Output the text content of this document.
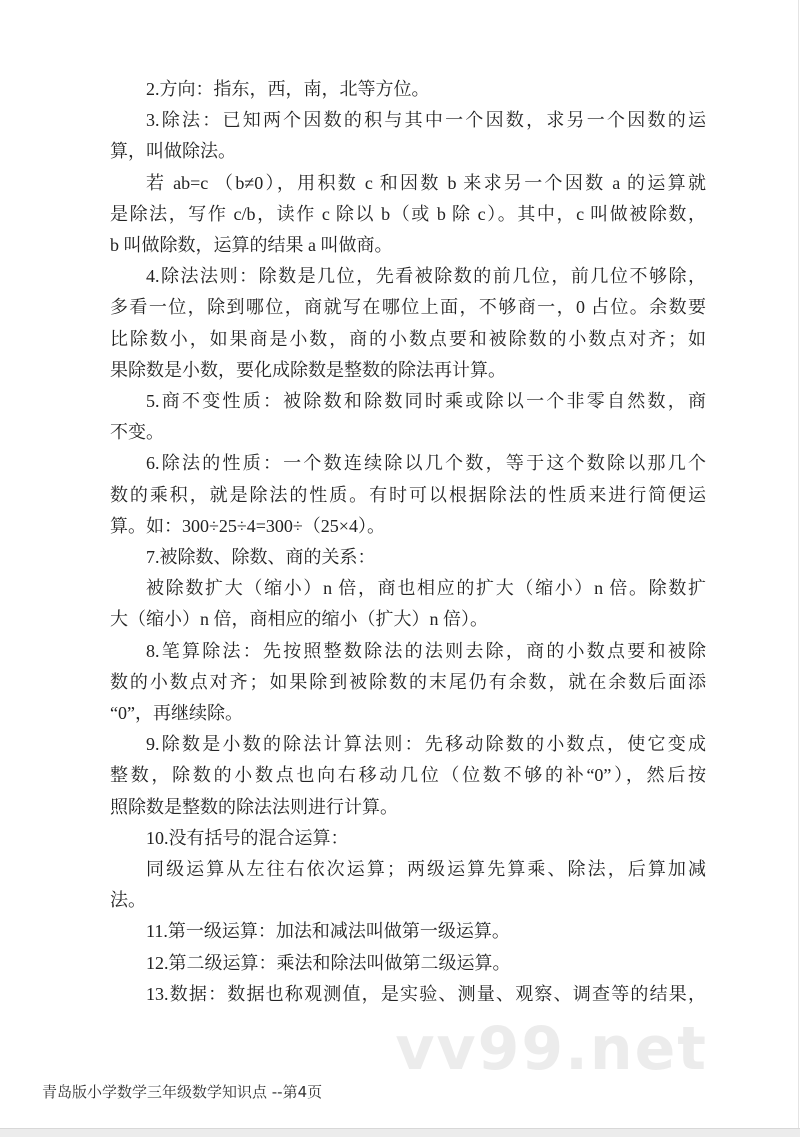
2.方向：指东，西，南，北等方位。
3.除法：已知两个因数的积与其中一个因数，求另一个因数的运
算，叫做除法。
若 ab=c （b≠0），用积数 c 和因数 b 来求另一个因数 a 的运算就
是除法，写作 c/b，读作 c 除以 b（或 b 除 c）。其中，c 叫做被除数，
b 叫做除数，运算的结果 a 叫做商。
4.除法法则：除数是几位，先看被除数的前几位，前几位不够除，
多看一位，除到哪位，商就写在哪位上面，不够商一，0 占位。余数要
比除数小，如果商是小数，商的小数点要和被除数的小数点对齐；如
果除数是小数，要化成除数是整数的除法再计算。
5.商不变性质：被除数和除数同时乘或除以一个非零自然数，商
不变。
6.除法的性质：一个数连续除以几个数，等于这个数除以那几个
数的乘积，就是除法的性质。有时可以根据除法的性质来进行简便运
算。如：300÷25÷4=300÷（25×4）。
7.被除数、除数、商的关系：
被除数扩大（缩小）n 倍，商也相应的扩大（缩小）n 倍。除数扩
大（缩小）n 倍，商相应的缩小（扩大）n 倍）。
8.笔算除法：先按照整数除法的法则去除，商的小数点要和被除
数的小数点对齐；如果除到被除数的末尾仍有余数，就在余数后面添
“0”，再继续除。
9.除数是小数的除法计算法则：先移动除数的小数点，使它变成
整数，除数的小数点也向右移动几位（位数不够的补“0”），然后按
照除数是整数的除法法则进行计算。
10.没有括号的混合运算：
同级运算从左往右依次运算；两级运算先算乘、除法，后算加减
法。
11.第一级运算：加法和减法叫做第一级运算。
12.第二级运算：乘法和除法叫做第二级运算。
13.数据：数据也称观测值，是实验、测量、观察、调查等的结果，
vv99.net
青岛版小学数学三年级数学知识点 --第4页
